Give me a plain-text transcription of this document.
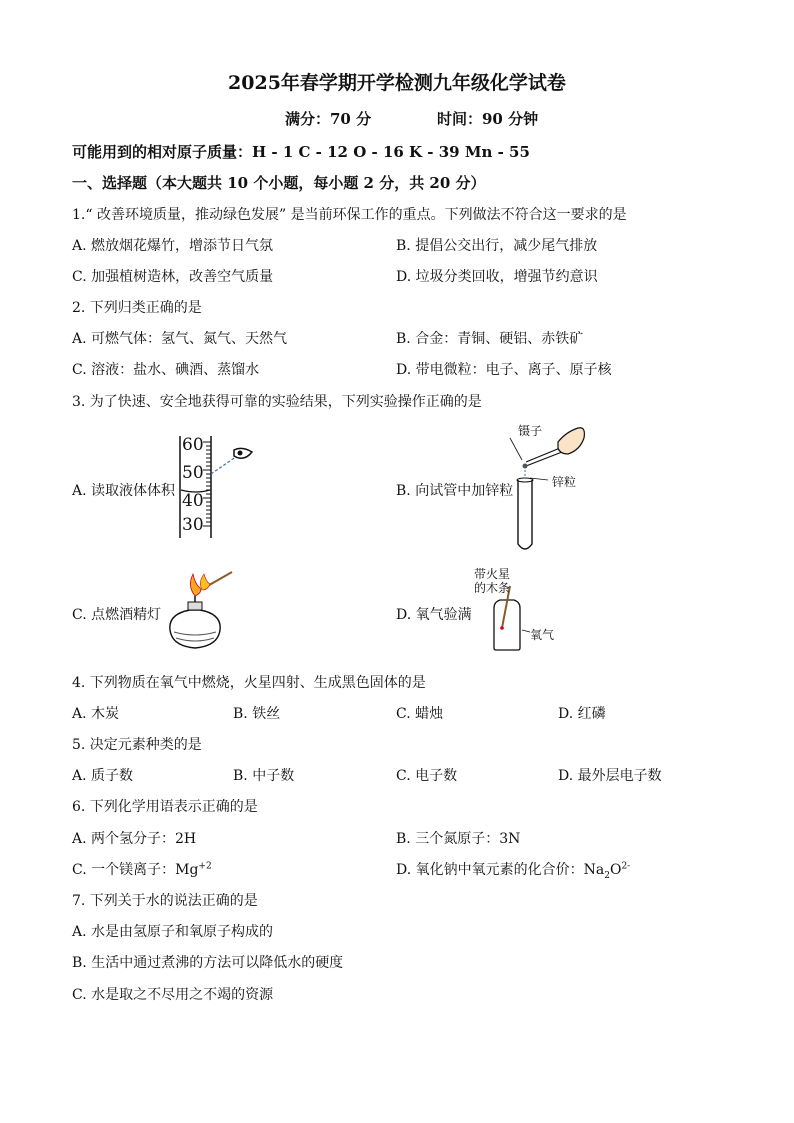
2025年春学期开学检测九年级化学试卷
满分：70 分	时间：90 分钟
可能用到的相对原子质量：H - 1 C - 12 O - 16 K - 39 Mn - 55
一、选择题（本大题共 10 个小题，每小题 2 分，共 20 分）
1.“ 改善环境质量，推动绿色发展” 是当前环保工作的重点。下列做法不符合这一要求的是
A. 燃放烟花爆竹，增添节日气氛	B. 提倡公交出行，减少尾气排放
C. 加强植树造林，改善空气质量	D. 垃圾分类回收，增强节约意识
2. 下列归类正确的是
A. 可燃气体：氢气、氮气、天然气	B. 合金：青铜、硬铝、赤铁矿
C. 溶液：盐水、碘酒、蒸馏水	D. 带电微粒：电子、离子、原子核
3. 为了快速、安全地获得可靠的实验结果，下列实验操作正确的是
A. 读取液体体积	B. 向试管中加锌粒
C. 点燃酒精灯	D. 氧气验满
60
50
40
30
镊子
锌粒
带火星
的木条
氧气
4. 下列物质在氧气中燃烧，火星四射、生成黑色固体的是
A. 木炭	B. 铁丝	C. 蜡烛	D. 红磷
5. 决定元素种类的是
A. 质子数	B. 中子数	C. 电子数	D. 最外层电子数
6. 下列化学用语表示正确的是
A. 两个氢分子：2H	B. 三个氮原子：3N
C. 一个镁离子：$Mg^{+2}$	D. 氧化钠中氧元素的化合价：$Na_2O^{2-}$
7. 下列关于水的说法正确的是
A. 水是由氢原子和氧原子构成的
B. 生活中通过煮沸的方法可以降低水的硬度
C. 水是取之不尽用之不竭的资源
